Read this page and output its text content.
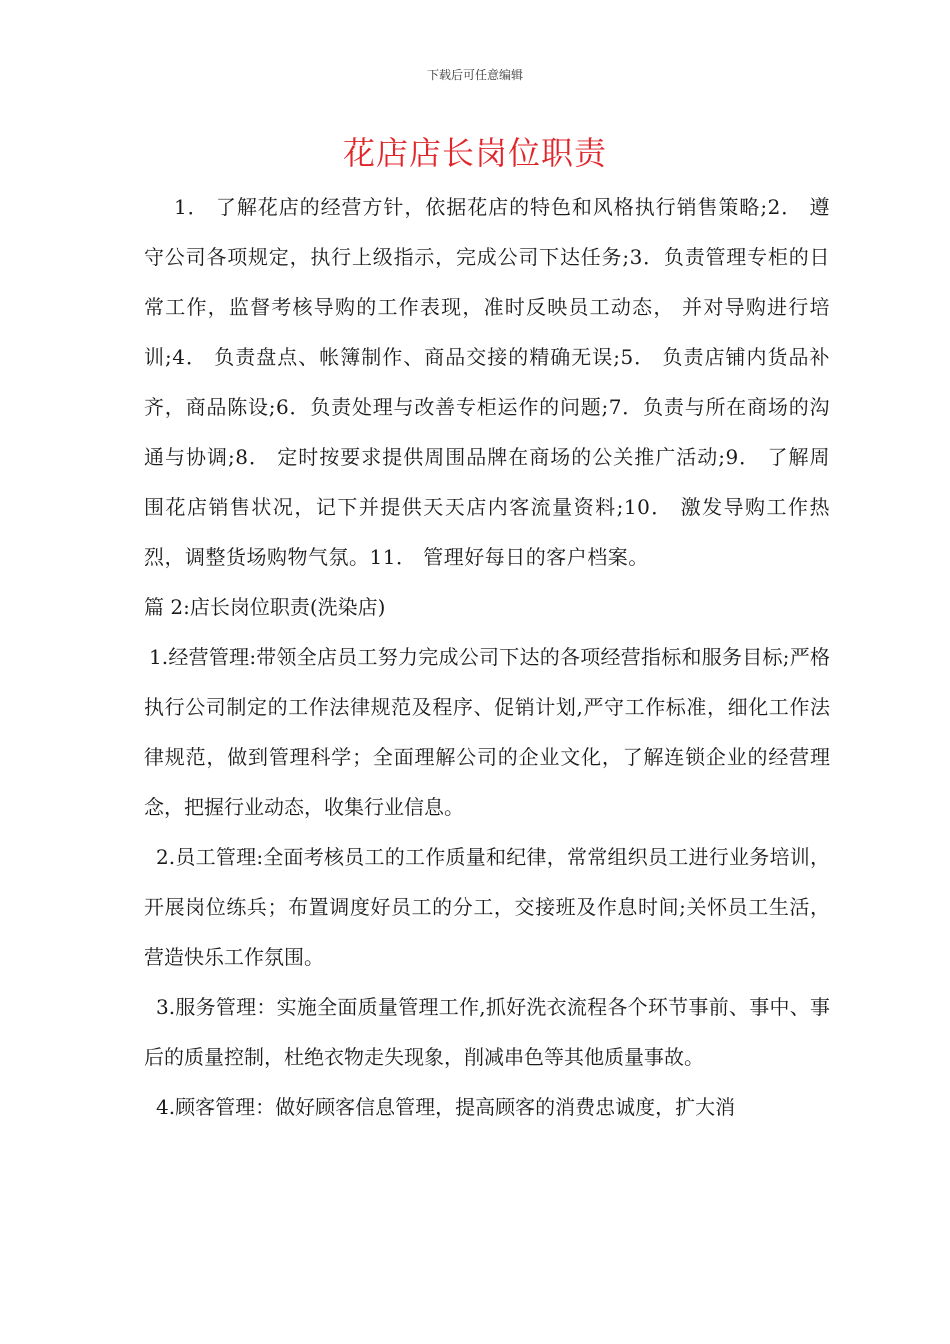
下载后可任意编辑
花店店长岗位职责

1． 了解花店的经营方针，依据花店的特色和风格执行销售策略;2． 遵守公司各项规定，执行上级指示，完成公司下达任务;3．负责管理专柜的日常工作，监督考核导购的工作表现，准时反映员工动态， 并对导购进行培训;4． 负责盘点、帐簿制作、商品交接的精确无误;5． 负责店铺内货品补齐，商品陈设;6．负责处理与改善专柜运作的问题;7．负责与所在商场的沟通与协调;8． 定时按要求提供周围品牌在商场的公关推广活动;9． 了解周围花店销售状况，记下并提供天天店内客流量资料;10． 激发导购工作热烈，调整货场购物气氛。11． 管理好每日的客户档案。

篇 2:店长岗位职责(洗染店)

1.经营管理:带领全店员工努力完成公司下达的各项经营指标和服务目标;严格执行公司制定的工作法律规范及程序、促销计划,严守工作标准，细化工作法律规范，做到管理科学；全面理解公司的企业文化，了解连锁企业的经营理念，把握行业动态，收集行业信息。

2.员工管理:全面考核员工的工作质量和纪律，常常组织员工进行业务培训，开展岗位练兵；布置调度好员工的分工，交接班及作息时间;关怀员工生活，营造快乐工作氛围。

3.服务管理：实施全面质量管理工作,抓好洗衣流程各个环节事前、事中、事后的质量控制，杜绝衣物走失现象，削减串色等其他质量事故。

4.顾客管理：做好顾客信息管理，提高顾客的消费忠诚度，扩大消
